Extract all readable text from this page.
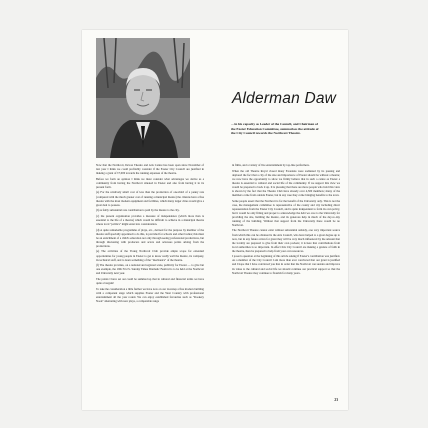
Alderman Daw
... in his capacity as Leader of the Council, and Chairman of the Exeter Education Committee, summarises the attitude of the City Council towards the Northcott Theatre.

Now that the Northcott, Devon Theatre and Arts Centre has been open since November of last year I think we could profitably consider if the Exeter City Council are justified in making a grant of £7,000 towards the running expenses of the theatre.

Before we form an opinion I think we must consider what advantages we derive as a community from having the Northcott situated in Exeter and also from having it in its present form.

(a) For the relatively small cost of less than the production of one-third of a penny rate (compared with the much greater cost of running a municipal theatre) the citizens have a fine theatre with the most modern equipment and facilities, which many larger cities would give a great deal to possess.

(b) A fairly substantial rate contribution is paid by the theatre to the city.

(c) the present organisation provides a measure of independence (which more than is essential to the life of a theatre) which would be difficult to achieve in a municipal theatre where local "politics" might enter into consideration.

(d) A quite remarkable programme of plays, etc., devised for the purpose by member of the theatre staff specially appointed to do this, is provided for schools and other bodies; this must be an enrichment of a child's education not only through seeing professional productions, but through discussing with producers and actors and actresses points arising from the productions.

(e) The activities of the Young Northcott Club provide ample scope for extended opportunities for young people in Exeter to get to know really well the theatre, its company, its technical staff, and to learn something of the "mechanics" of the theatre.

(f) The theatre provides, on a national and regional scale, publicity for Exeter — to give but one example, the 19th N.U.S. Sunday Times Dramatic Festival is to be held at the Northcott and University next year.

The points I have set out could be summed up that in cultural and financial terms we have quite a bargain!

To take the consideration a little further we have now on our doorstep a fine modern building with a competent stage which supplies Exeter and the West Country with professional entertainment all the year round. We can enjoy established favourites such as "Rookery Nook" alternating with new plays, a comparable range

in films, and a variety of live entertainment by top-line performers.

When the old Theatre Royal closed many Exonians were saddened by its passing and deplored the fact that a city of the size and importance of Exeter should be without a theatre; we now have the opportunity to show we firmly believe that in such a centre as Exeter a theatre is essential to cultural and social life of the community. If we support this view we would be prepared to back it up. It is pleasing that there are more people who hold this view is shown by the fact that the Theatre Club have already over 4,500 members; many of the members come from outside Exeter, but in any case they come bringing benefits to the town.

Some people assert that the Northcott is for the benefit of the University only. This is not the case, the management committee is representative of the county and city including direct representation from the Exeter City Council, and is quite independent to form its own policy, but it would be only fitting and proper to acknowledge the debt we owe to the University for providing the site, building the theatre, and its generous help in much of the day-to-day running of the building. Without that support from the University there would be no Northcott.

The Northcott Theatre cannot exist without substantial subsidy, one very important source from which this can be obtained is the Arts Council, who have helped to a great degree up to now, but in any future action for grant they will be very much influenced by the amount that the locality are prepared to give from their own pockets; it is here that contributions from local authorities is so important. In effect this City Council are making a gesture of faith in the theatre, then be prepared to help from your own resources.

I posed a question at the beginning of this article asking if Exeter's contribution was justified. As a member of the City Council I am more than ever convinced that our grant is justified and I hope that I have convinced you that in order that the Northcott can sustain and improve its value to the cultural and social life we should continue our practical support so that the Northcott Theatre may continue to flourish for many years.

23
